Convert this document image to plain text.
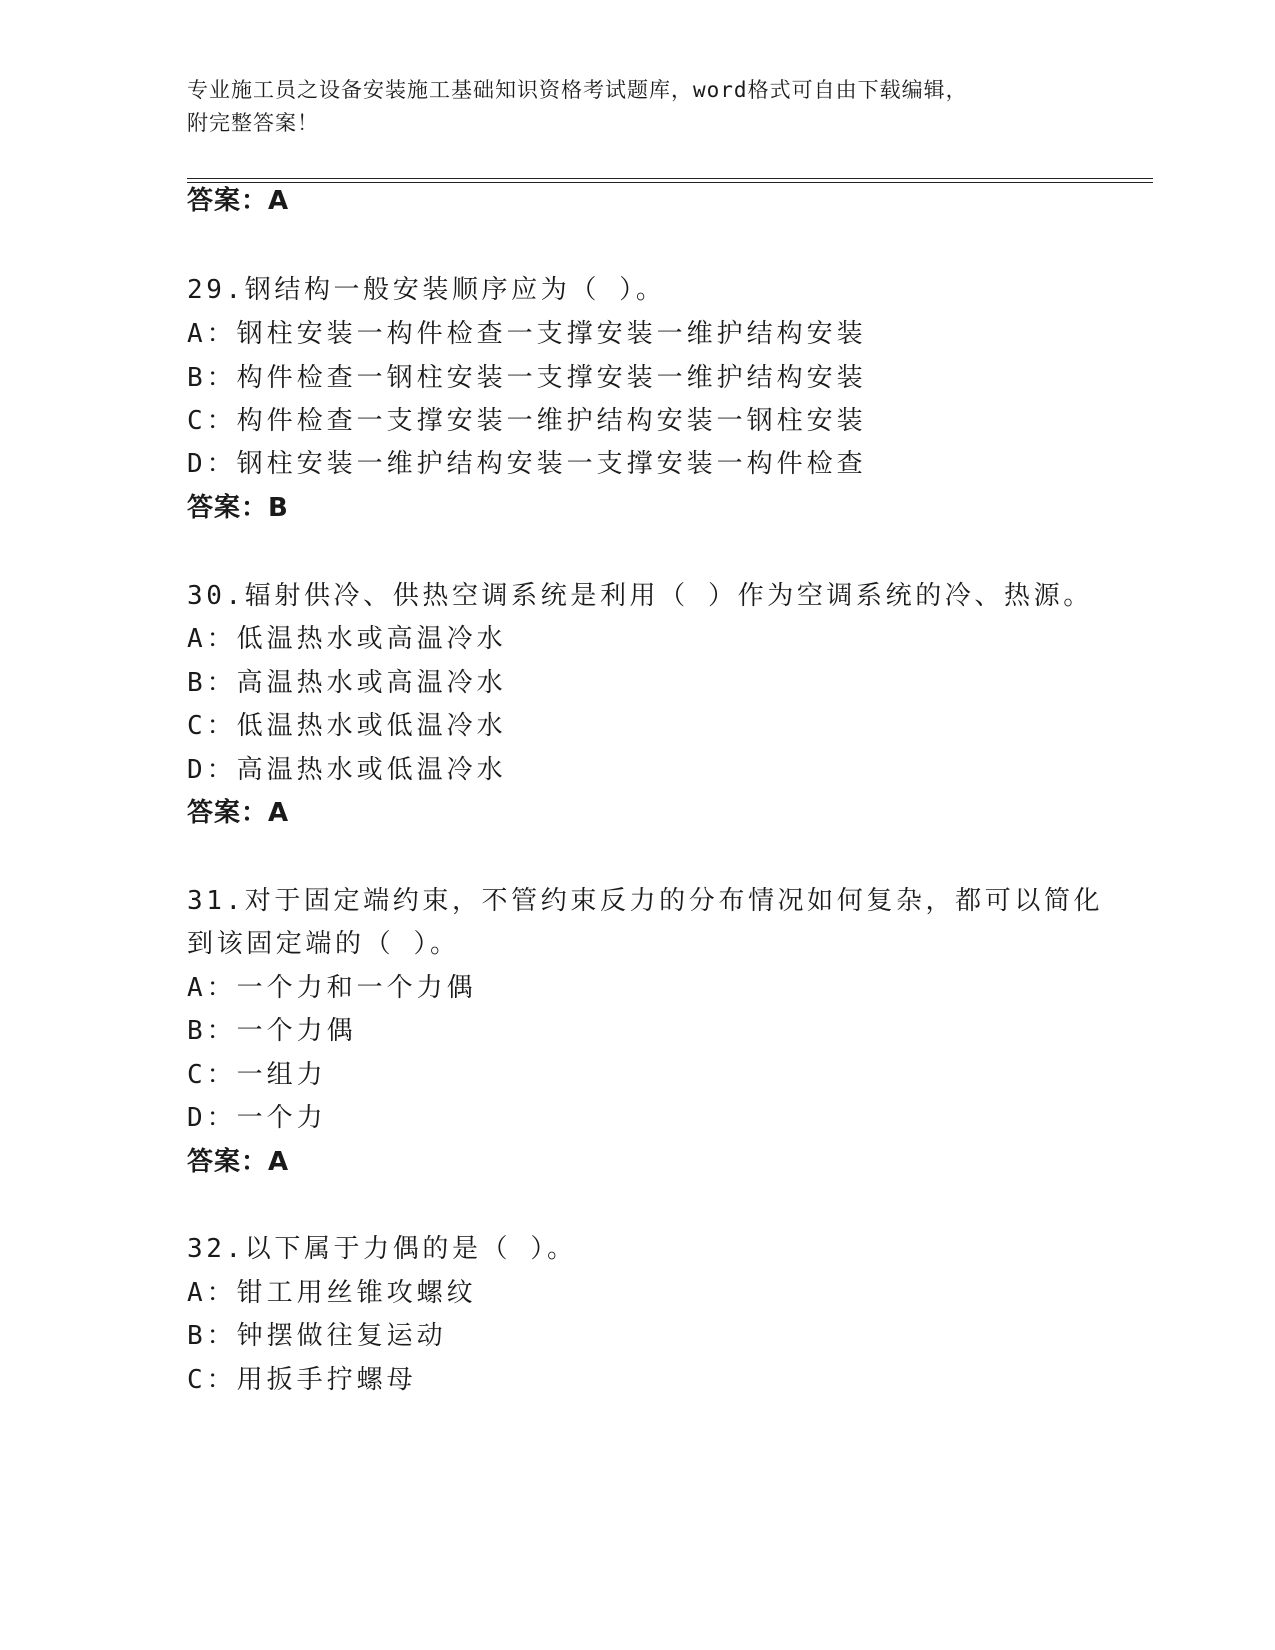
专业施工员之设备安装施工基础知识资格考试题库，word格式可自由下载编辑，
附完整答案！
答案：A
29.钢结构一般安装顺序应为（ ）。
A：钢柱安装一构件检查一支撑安装一维护结构安装
B：构件检查一钢柱安装一支撑安装一维护结构安装
C：构件检查一支撑安装一维护结构安装一钢柱安装
D：钢柱安装一维护结构安装一支撑安装一构件检查
答案：B
30.辐射供冷、供热空调系统是利用（ ）作为空调系统的冷、热源。
A：低温热水或高温冷水
B：高温热水或高温冷水
C：低温热水或低温冷水
D：高温热水或低温冷水
答案：A
31.对于固定端约束，不管约束反力的分布情况如何复杂，都可以简化
到该固定端的（ ）。
A：一个力和一个力偶
B：一个力偶
C：一组力
D：一个力
答案：A
32.以下属于力偶的是（ ）。
A：钳工用丝锥攻螺纹
B：钟摆做往复运动
C：用扳手拧螺母
